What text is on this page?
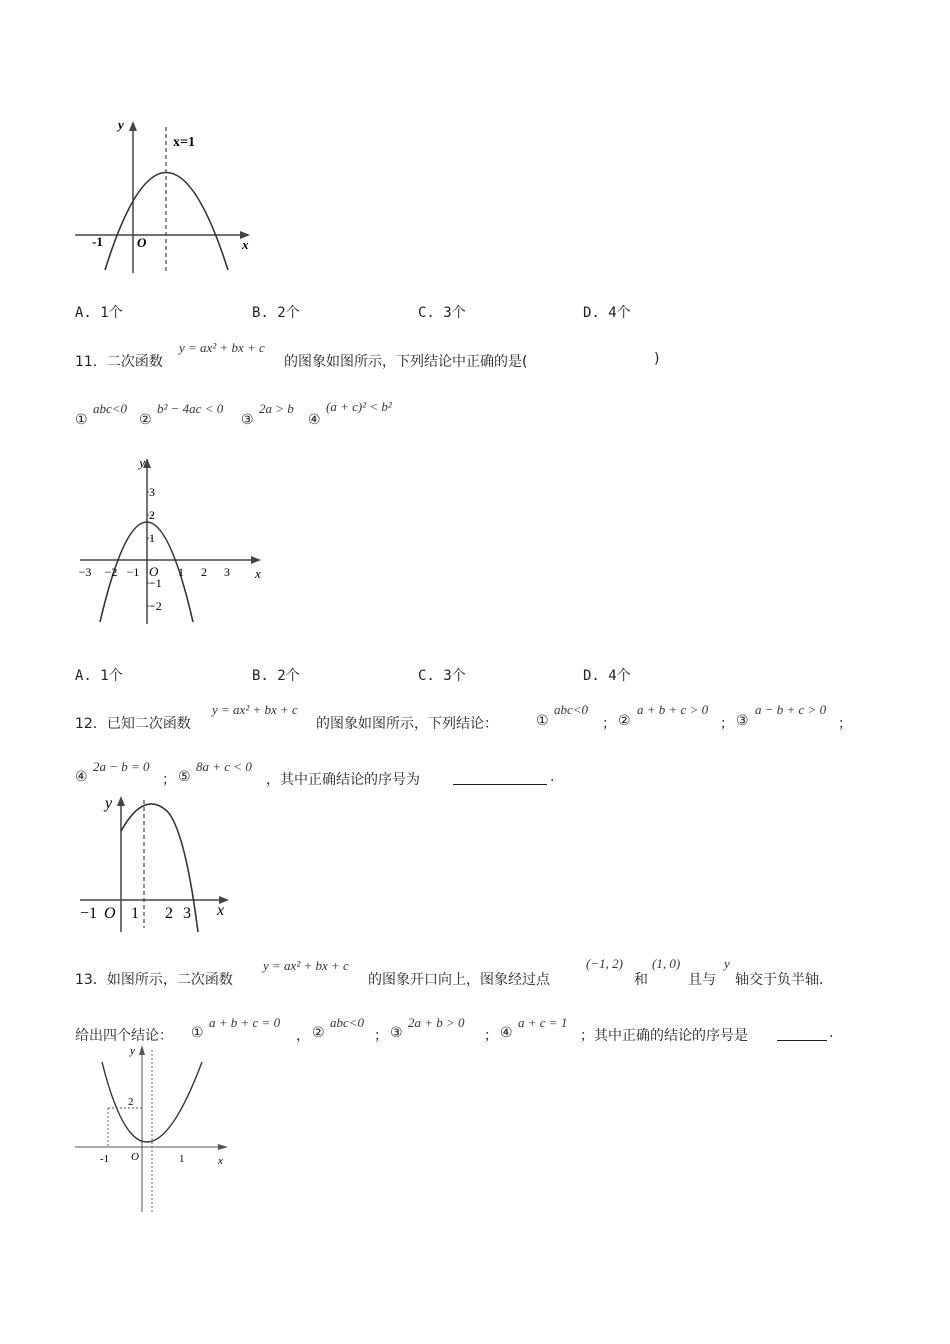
y
x
x=1
-1	O
A. 1个	B. 2个	C. 3个	D. 4个
11．二次函数
y = ax² + bx + c
的图象如图所示，下列结论中正确的是(	)
①
abc<0
②
b² − 4ac < 0
③
2a > b
④
(a + c)² < b²
y
x
O
−3 −2 −1	1 2 3
3
2
1
−1
−2
A. 1个	B. 2个	C. 3个	D. 4个
12．已知二次函数
y = ax² + bx + c
的图象如图所示，下列结论：	①
abc<0
； ②
a + b + c > 0
； ③
a − b + c > 0
；
④
2a − b = 0
； ⑤
8a + c < 0
，其中正确结论的序号为	.
y
x
−1 O 1 2 3
13．如图所示，二次函数
y = ax² + bx + c
的图象开口向上，图象经过点
(−1, 2)
和
(1, 0)
且与
y
轴交于负半轴.
给出四个结论： ①
a + b + c = 0
， ②
abc<0
； ③
2a + b > 0
； ④
a + c = 1
；其中正确的结论的序号是	.
y
x
2
-1 O	1
